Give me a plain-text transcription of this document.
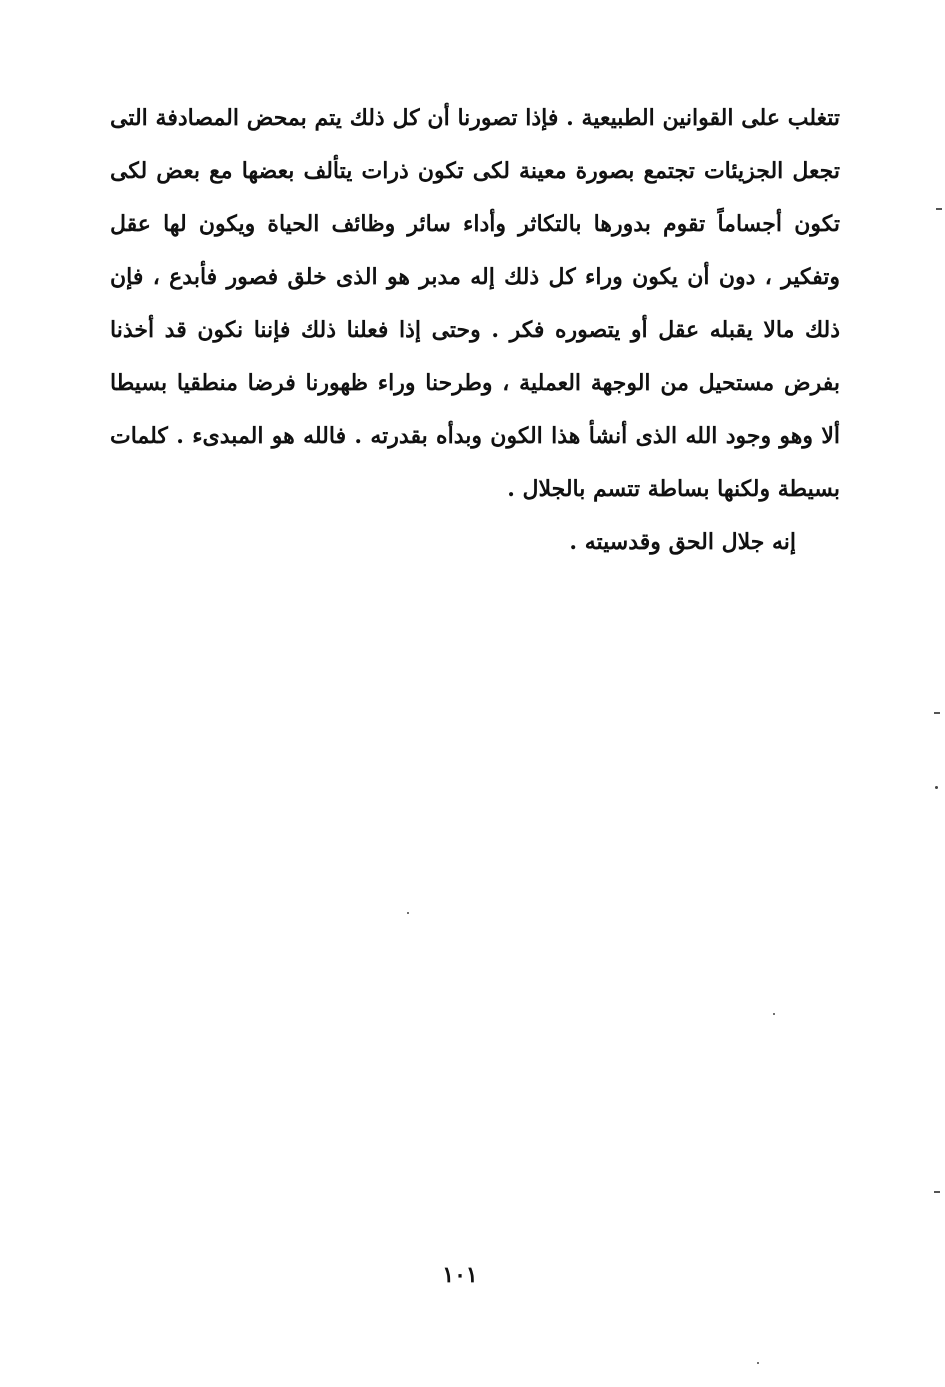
تتغلب على القوانين الطبيعية . فإذا تصورنا أن كل ذلك يتم بمحض المصادفة التى تجعل الجزيئات تجتمع بصورة معينة لكى تكون ذرات يتألف بعضها مع بعض لكى تكون أجساماً تقوم بدورها بالتكاثر وأداء سائر وظائف الحياة ويكون لها عقل وتفكير ، دون أن يكون وراء كل ذلك إله مدبر هو الذى خلق فصور فأبدع ، فإن ذلك مالا يقبله عقل أو يتصوره فكر . وحتى إذا فعلنا ذلك فإننا نكون قد أخذنا بفرض مستحيل من الوجهة العملية ، وطرحنا وراء ظهورنا فرضا منطقيا بسيطا ألا وهو وجود الله الذى أنشأ هذا الكون وبدأه بقدرته . فالله هو المبدىء . كلمات بسيطة ولكنها بساطة تتسم بالجلال .

إنه جلال الحق وقدسيته .

١٠١
